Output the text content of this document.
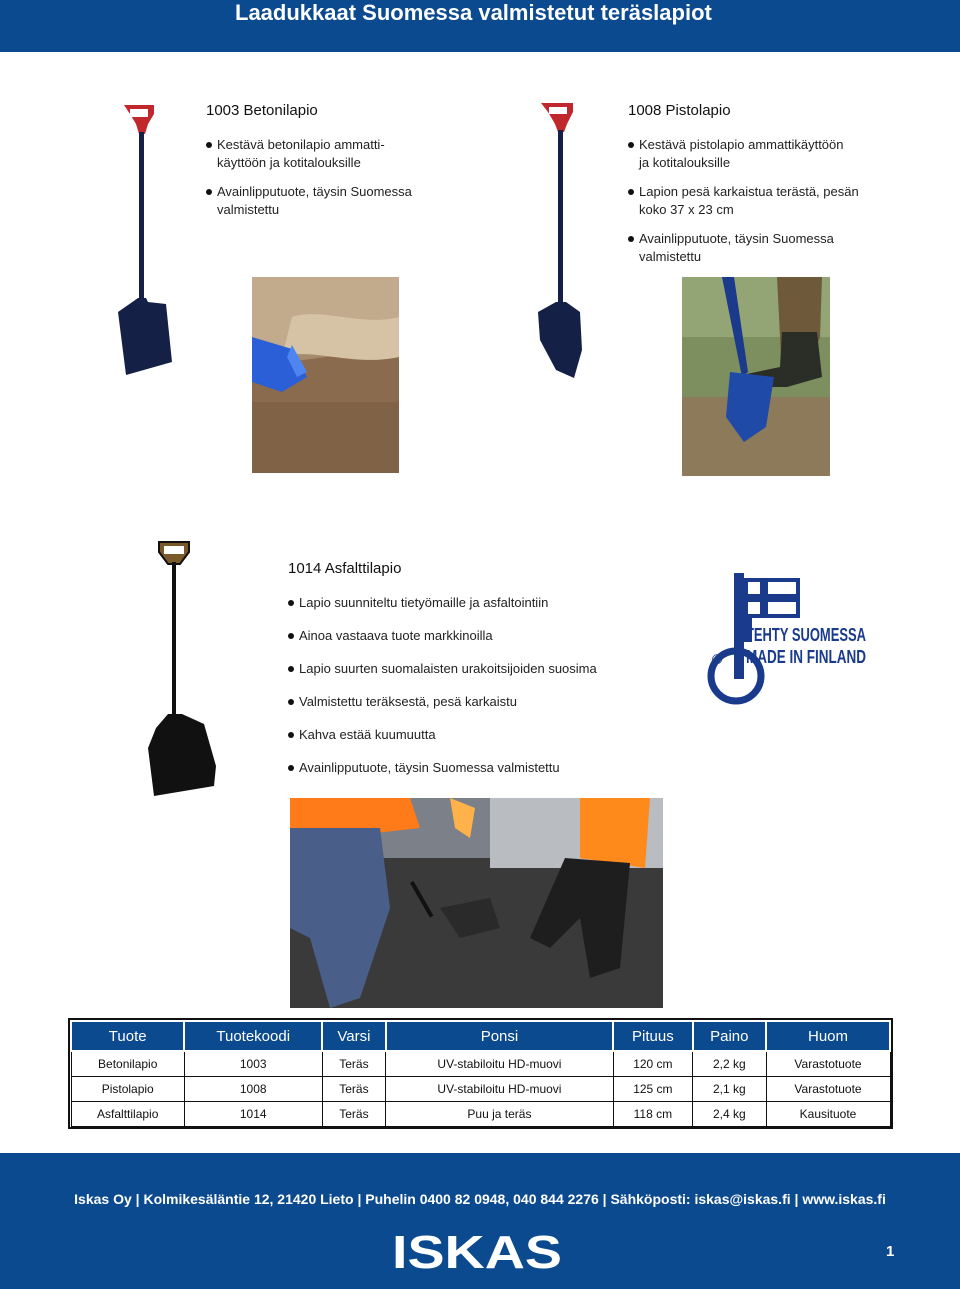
Laadukkaat Suomessa valmistetut teräslapiot
1003 Betonilapio
Kestävä betonilapio ammatti-
käyttöön ja kotitalouksille
Avainlipputuote, täysin Suomessa
valmistettu
1008 Pistolapio
Kestävä pistolapio ammattikäyttöön
ja kotitalouksille
Lapion pesä karkaistua terästä, pesän
koko 37 x 23 cm
Avainlipputuote, täysin Suomessa
valmistettu
1014 Asfalttilapio
Lapio suunniteltu tietyömaille ja asfaltointiin
Ainoa vastaava tuote markkinoilla
Lapio suurten suomalaisten urakoitsijoiden suosima
Valmistettu teräksestä, pesä karkaistu
Kahva estää kuumuutta
Avainlipputuote, täysin Suomessa valmistettu
®
TEHTY SUOMESSA
MADE IN FINLAND
Tuote	Tuotekoodi	Varsi	Ponsi	Pituus	Paino	Huom
Betonilapio	1003	Teräs	UV-stabiloitu HD-muovi	120 cm	2,2 kg	Varastotuote
Pistolapio	1008	Teräs	UV-stabiloitu HD-muovi	125 cm	2,1 kg	Varastotuote
Asfalttilapio	1014	Teräs	Puu ja teräs	118 cm	2,4 kg	Kausituote
Iskas Oy | Kolmikesäläntie 12, 21420 Lieto | Puhelin 0400 82 0948, 040 844 2276 | Sähköposti: iskas@iskas.fi | www.iskas.fi
ISKAS	1
